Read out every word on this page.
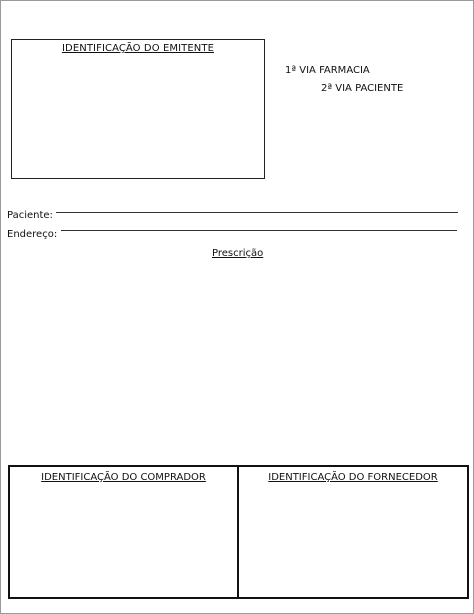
IDENTIFICAÇÃO DO EMITENTE
1ª VIA FARMACIA
2ª VIA PACIENTE
Paciente:
Endereço:
Prescrição
IDENTIFICAÇÃO DO COMPRADOR	IDENTIFICAÇÃO DO FORNECEDOR
